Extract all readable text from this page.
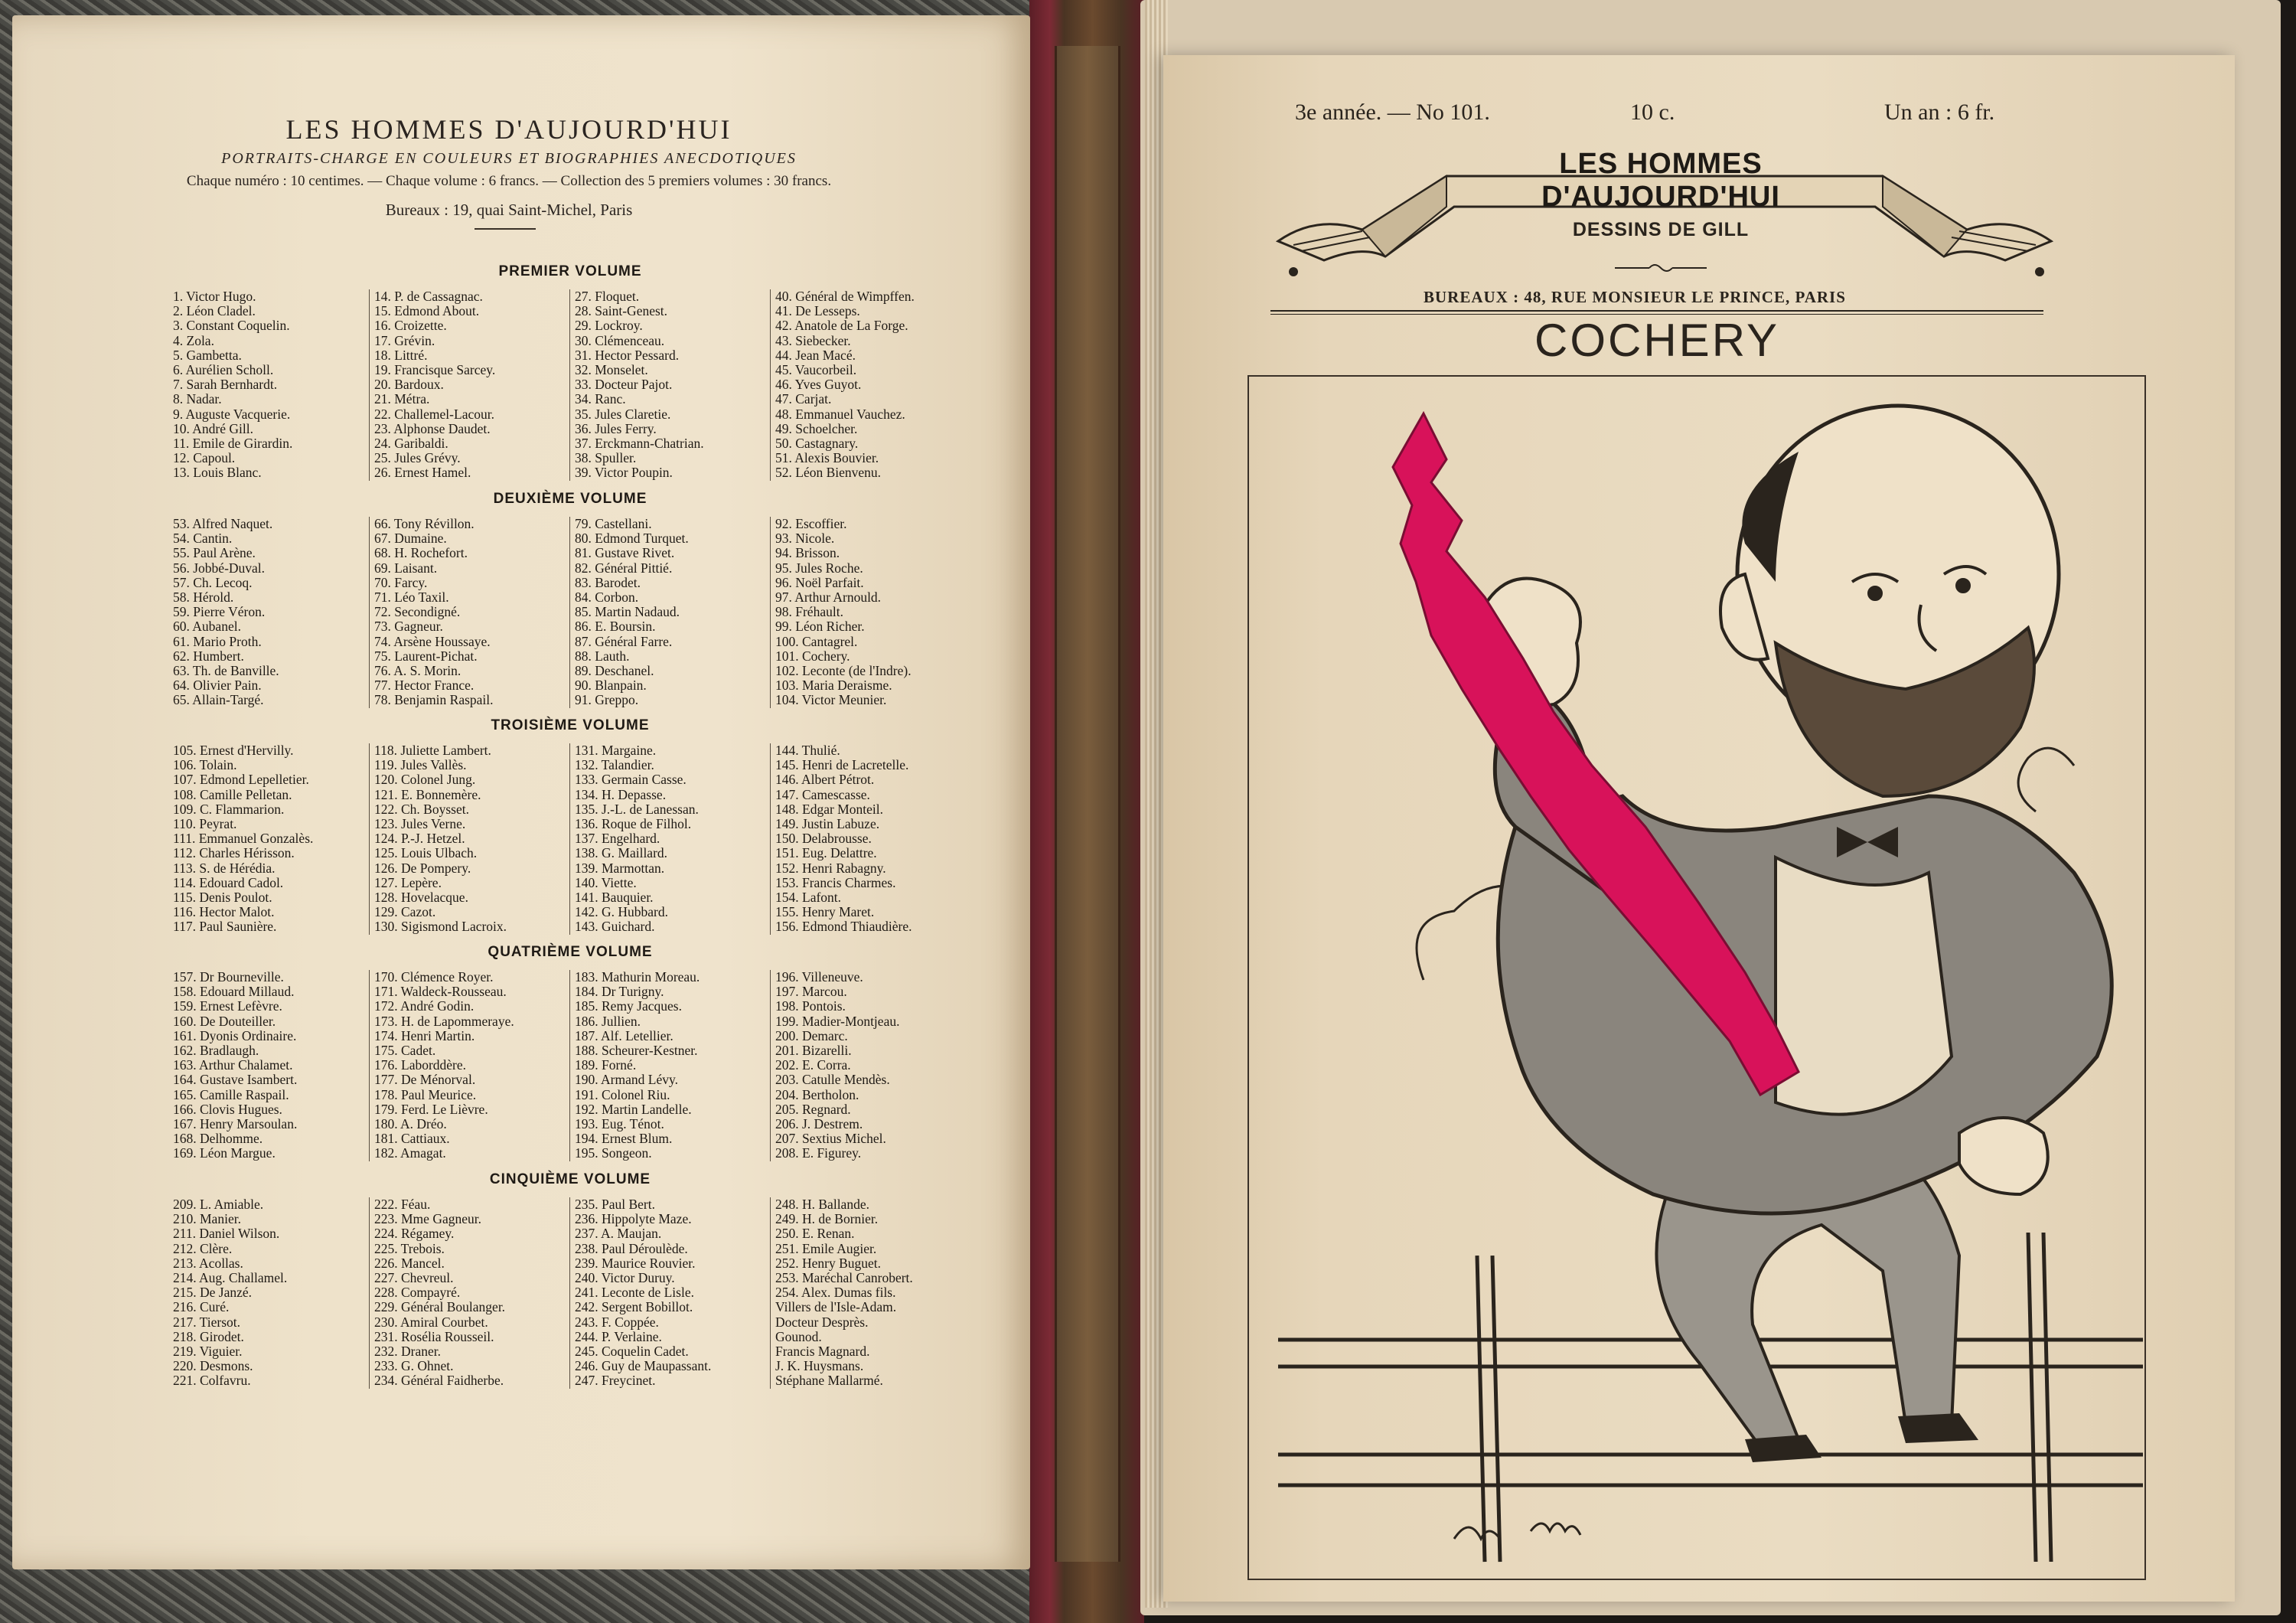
LES HOMMES D'AUJOURD'HUI
PORTRAITS-CHARGE EN COULEURS ET BIOGRAPHIES ANECDOTIQUES
Chaque numéro : 10 centimes. — Chaque volume : 6 francs. — Collection des 5 premiers volumes : 30 francs.
Bureaux : 19, quai Saint-Michel, Paris
PREMIER VOLUME
1. Victor Hugo.
2. Léon Cladel.
3. Constant Coquelin.
4. Zola.
5. Gambetta.
6. Aurélien Scholl.
7. Sarah Bernhardt.
8. Nadar.
9. Auguste Vacquerie.
10. André Gill.
11. Emile de Girardin.
12. Capoul.
13. Louis Blanc.
14. P. de Cassagnac.
15. Edmond About.
16. Croizette.
17. Grévin.
18. Littré.
19. Francisque Sarcey.
20. Bardoux.
21. Métra.
22. Challemel-Lacour.
23. Alphonse Daudet.
24. Garibaldi.
25. Jules Grévy.
26. Ernest Hamel.
27. Floquet.
28. Saint-Genest.
29. Lockroy.
30. Clémenceau.
31. Hector Pessard.
32. Monselet.
33. Docteur Pajot.
34. Ranc.
35. Jules Claretie.
36. Jules Ferry.
37. Erckmann-Chatrian.
38. Spuller.
39. Victor Poupin.
40. Général de Wimpffen.
41. De Lesseps.
42. Anatole de La Forge.
43. Siebecker.
44. Jean Macé.
45. Vaucorbeil.
46. Yves Guyot.
47. Carjat.
48. Emmanuel Vauchez.
49. Schoelcher.
50. Castagnary.
51. Alexis Bouvier.
52. Léon Bienvenu.
DEUXIÈME VOLUME
53. Alfred Naquet.
54. Cantin.
55. Paul Arène.
56. Jobbé-Duval.
57. Ch. Lecoq.
58. Hérold.
59. Pierre Véron.
60. Aubanel.
61. Mario Proth.
62. Humbert.
63. Th. de Banville.
64. Olivier Pain.
65. Allain-Targé.
66. Tony Révillon.
67. Dumaine.
68. H. Rochefort.
69. Laisant.
70. Farcy.
71. Léo Taxil.
72. Secondigné.
73. Gagneur.
74. Arsène Houssaye.
75. Laurent-Pichat.
76. A. S. Morin.
77. Hector France.
78. Benjamin Raspail.
79. Castellani.
80. Edmond Turquet.
81. Gustave Rivet.
82. Général Pittié.
83. Barodet.
84. Corbon.
85. Martin Nadaud.
86. E. Boursin.
87. Général Farre.
88. Lauth.
89. Deschanel.
90. Blanpain.
91. Greppo.
92. Escoffier.
93. Nicole.
94. Brisson.
95. Jules Roche.
96. Noël Parfait.
97. Arthur Arnould.
98. Fréhault.
99. Léon Richer.
100. Cantagrel.
101. Cochery.
102. Leconte (de l'Indre).
103. Maria Deraisme.
104. Victor Meunier.
TROISIÈME VOLUME
105. Ernest d'Hervilly.
106. Tolain.
107. Edmond Lepelletier.
108. Camille Pelletan.
109. C. Flammarion.
110. Peyrat.
111. Emmanuel Gonzalès.
112. Charles Hérisson.
113. S. de Hérédia.
114. Edouard Cadol.
115. Denis Poulot.
116. Hector Malot.
117. Paul Saunière.
118. Juliette Lambert.
119. Jules Vallès.
120. Colonel Jung.
121. E. Bonnemère.
122. Ch. Boysset.
123. Jules Verne.
124. P.-J. Hetzel.
125. Louis Ulbach.
126. De Pompery.
127. Lepère.
128. Hovelacque.
129. Cazot.
130. Sigismond Lacroix.
131. Margaine.
132. Talandier.
133. Germain Casse.
134. H. Depasse.
135. J.-L. de Lanessan.
136. Roque de Filhol.
137. Engelhard.
138. G. Maillard.
139. Marmottan.
140. Viette.
141. Bauquier.
142. G. Hubbard.
143. Guichard.
144. Thulié.
145. Henri de Lacretelle.
146. Albert Pétrot.
147. Camescasse.
148. Edgar Monteil.
149. Justin Labuze.
150. Delabrousse.
151. Eug. Delattre.
152. Henri Rabagny.
153. Francis Charmes.
154. Lafont.
155. Henry Maret.
156. Edmond Thiaudière.
QUATRIÈME VOLUME
157. Dr Bourneville.
158. Edouard Millaud.
159. Ernest Lefèvre.
160. De Douteiller.
161. Dyonis Ordinaire.
162. Bradlaugh.
163. Arthur Chalamet.
164. Gustave Isambert.
165. Camille Raspail.
166. Clovis Hugues.
167. Henry Marsoulan.
168. Delhomme.
169. Léon Margue.
170. Clémence Royer.
171. Waldeck-Rousseau.
172. André Godin.
173. H. de Lapommeraye.
174. Henri Martin.
175. Cadet.
176. Laborddère.
177. De Ménorval.
178. Paul Meurice.
179. Ferd. Le Lièvre.
180. A. Dréo.
181. Cattiaux.
182. Amagat.
183. Mathurin Moreau.
184. Dr Turigny.
185. Remy Jacques.
186. Jullien.
187. Alf. Letellier.
188. Scheurer-Kestner.
189. Forné.
190. Armand Lévy.
191. Colonel Riu.
192. Martin Landelle.
193. Eug. Ténot.
194. Ernest Blum.
195. Songeon.
196. Villeneuve.
197. Marcou.
198. Pontois.
199. Madier-Montjeau.
200. Demarc.
201. Bizarelli.
202. E. Corra.
203. Catulle Mendès.
204. Bertholon.
205. Regnard.
206. J. Destrem.
207. Sextius Michel.
208. E. Figurey.
CINQUIÈME VOLUME
209. L. Amiable.
210. Manier.
211. Daniel Wilson.
212. Clère.
213. Acollas.
214. Aug. Challamel.
215. De Janzé.
216. Curé.
217. Tiersot.
218. Girodet.
219. Viguier.
220. Desmons.
221. Colfavru.
222. Féau.
223. Mme Gagneur.
224. Régamey.
225. Trebois.
226. Mancel.
227. Chevreul.
228. Compayré.
229. Général Boulanger.
230. Amiral Courbet.
231. Rosélia Rousseil.
232. Draner.
233. G. Ohnet.
234. Général Faidherbe.
235. Paul Bert.
236. Hippolyte Maze.
237. A. Maujan.
238. Paul Déroulède.
239. Maurice Rouvier.
240. Victor Duruy.
241. Leconte de Lisle.
242. Sergent Bobillot.
243. F. Coppée.
244. P. Verlaine.
245. Coquelin Cadet.
246. Guy de Maupassant.
247. Freycinet.
248. H. Ballande.
249. H. de Bornier.
250. E. Renan.
251. Emile Augier.
252. Henry Buguet.
253. Maréchal Canrobert.
254. Alex. Dumas fils.
Villers de l'Isle-Adam.
Docteur Desprès.
Gounod.
Francis Magnard.
J. K. Huysmans.
Stéphane Mallarmé.
3e année. — No 101.	10 c.	Un an : 6 fr.
LES HOMMES D'AUJOURD'HUI
DESSINS DE GILL
BUREAUX : 48, RUE MONSIEUR LE PRINCE, PARIS
COCHERY
